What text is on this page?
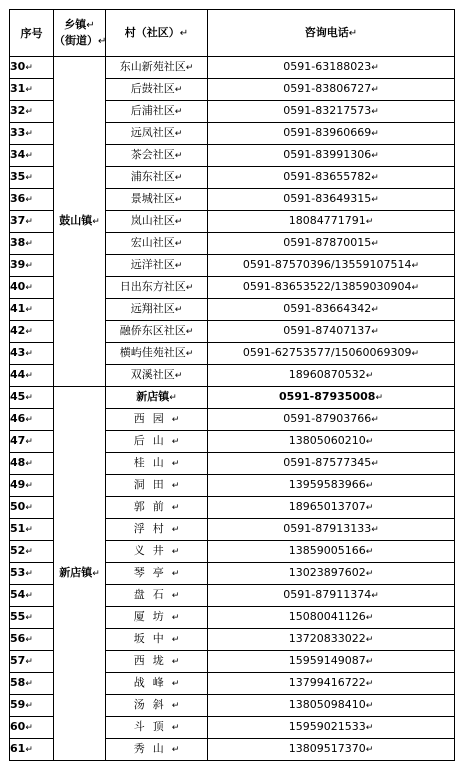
序号	乡镇↵
（街道）↵	村（社区）↵	咨询电话↵
30↵	鼓山镇↵	东山新苑社区↵	0591-63188023↵
31↵		后鼓社区↵	0591-83806727↵
32↵		后浦社区↵	0591-83217573↵
33↵		远凤社区↵	0591-83960669↵
34↵		茶会社区↵	0591-83991306↵
35↵		浦东社区↵	0591-83655782↵
36↵		景城社区↵	0591-83649315↵
37↵		岚山社区↵	18084771791↵
38↵		宏山社区↵	0591-87870015↵
39↵		远洋社区↵	0591-87570396/13559107514↵
40↵		日出东方社区↵	0591-83653522/13859030904↵
41↵		远翔社区↵	0591-83664342↵
42↵		融侨东区社区↵	0591-87407137↵
43↵		横屿佳苑社区↵	0591-62753577/15060069309↵
44↵		双溪社区↵	18960870532↵
45↵	新店镇↵	新店镇↵	0591-87935008↵
46↵		西园↵	0591-87903766↵
47↵		后山↵	13805060210↵
48↵		桂山↵	0591-87577345↵
49↵		洞田↵	13959583966↵
50↵		郭前↵	18965013707↵
51↵		浮村↵	0591-87913133↵
52↵		义井↵	13859005166↵
53↵		琴亭↵	13023897602↵
54↵		盘石↵	0591-87911374↵
55↵		厦坊↵	15080041126↵
56↵		坂中↵	13720833022↵
57↵		西垅↵	15959149087↵
58↵		战峰↵	13799416722↵
59↵		汤斜↵	13805098410↵
60↵		斗顶↵	15959021533↵
61↵		秀山↵	13809517370↵
